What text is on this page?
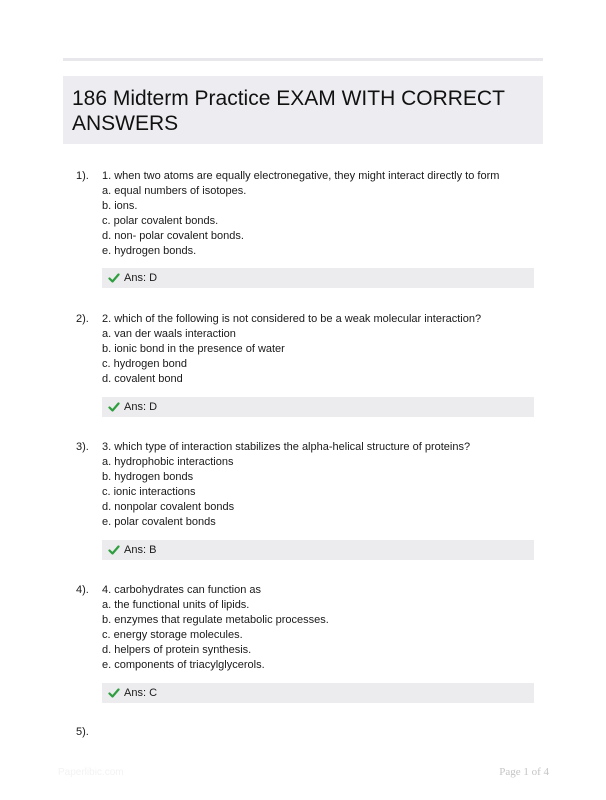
186 Midterm Practice EXAM WITH CORRECT ANSWERS
1). 1. when two atoms are equally electronegative, they might interact directly to form
a. equal numbers of isotopes.
b. ions.
c. polar covalent bonds.
d. non- polar covalent bonds.
e. hydrogen bonds.
Ans: D
2). 2. which of the following is not considered to be a weak molecular interaction?
a. van der waals interaction
b. ionic bond in the presence of water
c. hydrogen bond
d. covalent bond
Ans: D
3). 3. which type of interaction stabilizes the alpha-helical structure of proteins?
a. hydrophobic interactions
b. hydrogen bonds
c. ionic interactions
d. nonpolar covalent bonds
e. polar covalent bonds
Ans: B
4). 4. carbohydrates can function as
a. the functional units of lipids.
b. enzymes that regulate metabolic processes.
c. energy storage molecules.
d. helpers of protein synthesis.
e. components of triacylglycerols.
Ans: C
5).
Paperlibic.com	Page 1 of 4
